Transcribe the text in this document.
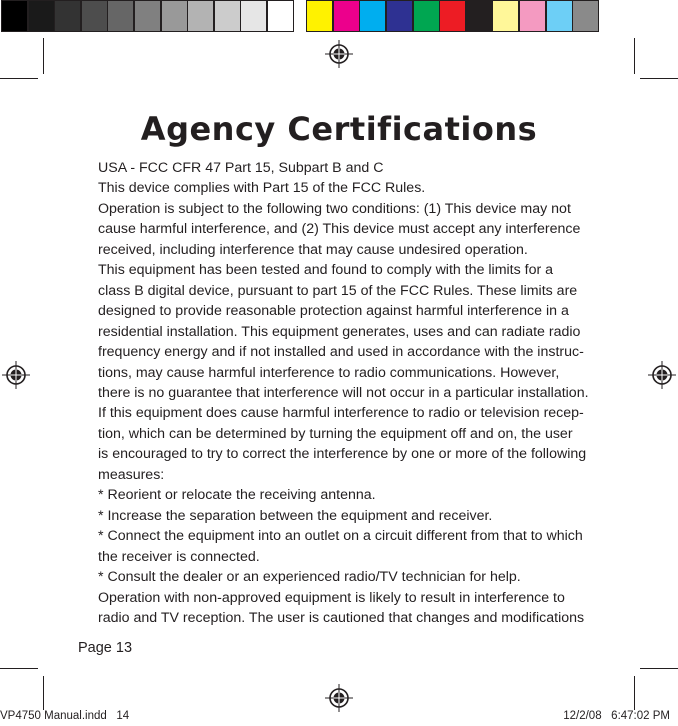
Agency Certifications
USA - FCC CFR 47 Part 15, Subpart B and C
This device complies with Part 15 of the FCC Rules.
Operation is subject to the following two conditions: (1) This device may not
cause harmful interference, and (2) This device must accept any interference
received, including interference that may cause undesired operation.
This equipment has been tested and found to comply with the limits for a
class B digital device, pursuant to part 15 of the FCC Rules. These limits are
designed to provide reasonable protection against harmful interference in a
residential installation. This equipment generates, uses and can radiate radio
frequency energy and if not installed and used in accordance with the instruc-
tions, may cause harmful interference to radio communications. However,
there is no guarantee that interference will not occur in a particular installation.
If this equipment does cause harmful interference to radio or television recep-
tion, which can be determined by turning the equipment off and on, the user
is encouraged to try to correct the interference by one or more of the following
measures:
* Reorient or relocate the receiving antenna.
* Increase the separation between the equipment and receiver.
* Connect the equipment into an outlet on a circuit different from that to which
the receiver is connected.
* Consult the dealer or an experienced radio/TV technician for help.
Operation with non-approved equipment is likely to result in interference to
radio and TV reception. The user is cautioned that changes and modifications
Page 13
VP4750 Manual.indd   14	12/2/08   6:47:02 PM
